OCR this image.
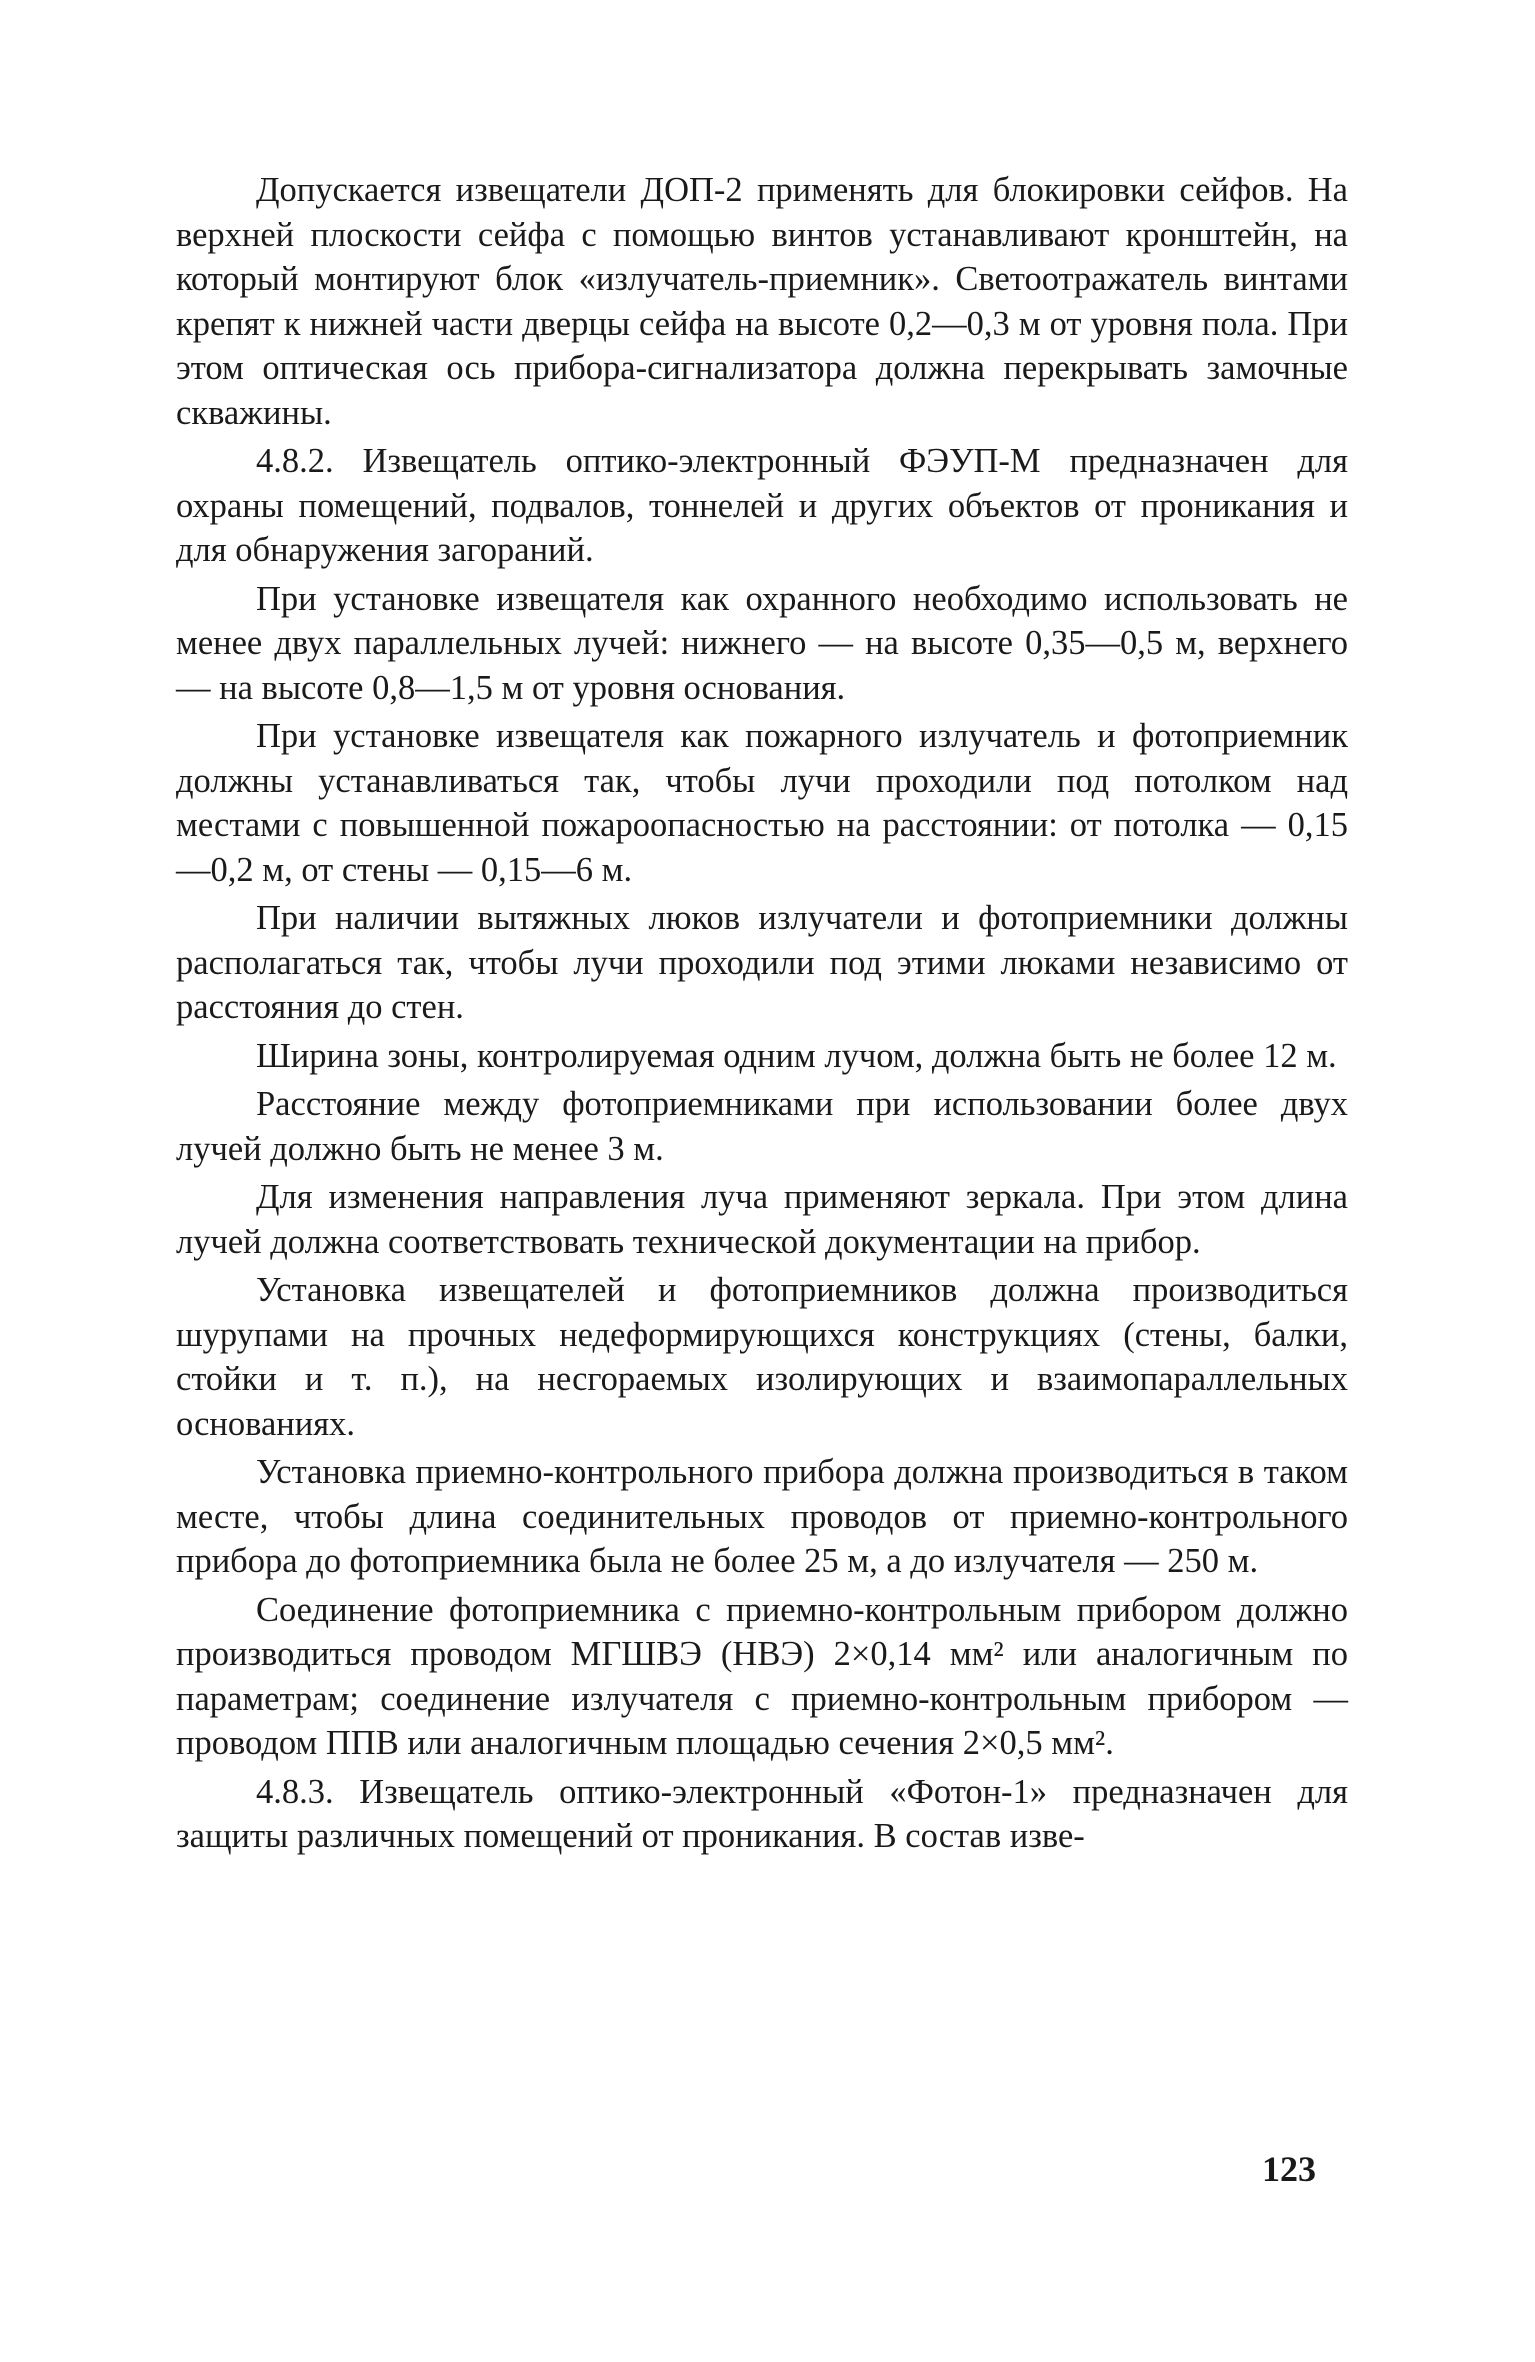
Допускается извещатели ДОП-2 применять для блокировки сейфов. На верхней плоскости сейфа с помощью винтов устанавливают кронштейн, на который монтируют блок «излучатель-приемник». Светоотражатель винтами крепят к нижней части дверцы сейфа на высоте 0,2—0,3 м от уровня пола. При этом оптическая ось прибора-сигнализатора должна перекрывать замочные скважины.

4.8.2. Извещатель оптико-электронный ФЭУП-М предназначен для охраны помещений, подвалов, тоннелей и других объектов от проникания и для обнаружения загораний.

При установке извещателя как охранного необходимо использовать не менее двух параллельных лучей: нижнего — на высоте 0,35—0,5 м, верхнего — на высоте 0,8—1,5 м от уровня основания.

При установке извещателя как пожарного излучатель и фотоприемник должны устанавливаться так, чтобы лучи проходили под потолком над местами с повышенной пожароопасностью на расстоянии: от потолка — 0,15—0,2 м, от стены — 0,15—6 м.

При наличии вытяжных люков излучатели и фотоприемники должны располагаться так, чтобы лучи проходили под этими люками независимо от расстояния до стен.

Ширина зоны, контролируемая одним лучом, должна быть не более 12 м.

Расстояние между фотоприемниками при использовании более двух лучей должно быть не менее 3 м.

Для изменения направления луча применяют зеркала. При этом длина лучей должна соответствовать технической документации на прибор.

Установка извещателей и фотоприемников должна производиться шурупами на прочных недеформирующихся конструкциях (стены, балки, стойки и т. п.), на несгораемых изолирующих и взаимопараллельных основаниях.

Установка приемно-контрольного прибора должна производиться в таком месте, чтобы длина соединительных проводов от приемно-контрольного прибора до фотоприемника была не более 25 м, а до излучателя — 250 м.

Соединение фотоприемника с приемно-контрольным прибором должно производиться проводом МГШВЭ (НВЭ) 2×0,14 мм² или аналогичным по параметрам; соединение излучателя с приемно-контрольным прибором — проводом ППВ или аналогичным площадью сечения 2×0,5 мм².

4.8.3. Извещатель оптико-электронный «Фотон-1» предназначен для защиты различных помещений от проникания. В состав изве-

123
